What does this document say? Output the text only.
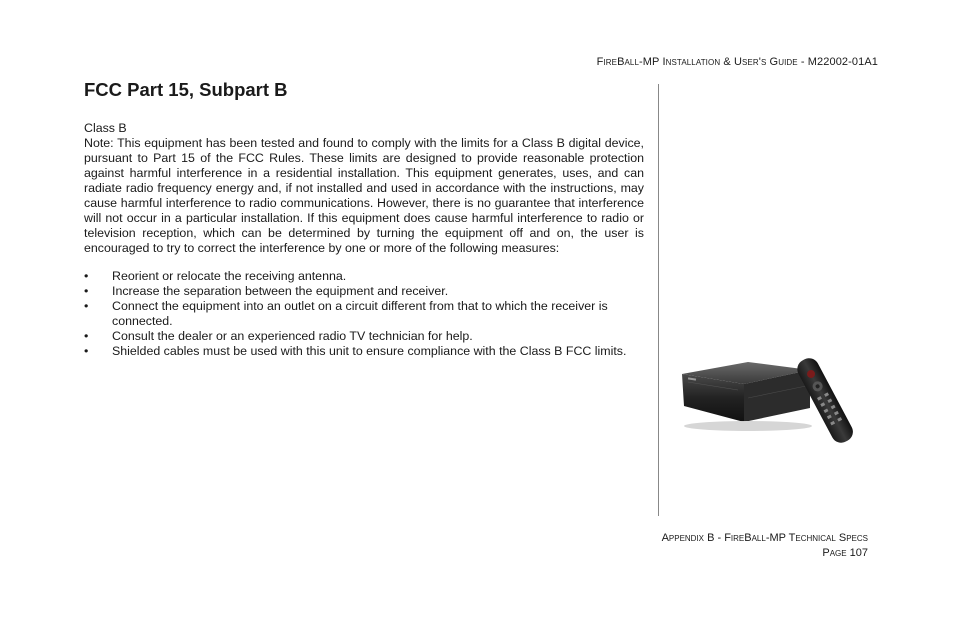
FireBall-MP Installation & User's Guide - M22002-01A1
FCC Part 15, Subpart B

Class B

Note: This equipment has been tested and found to comply with the limits for a Class B digital device, pursuant to Part 15 of the FCC Rules. These limits are designed to provide reasonable protection against harmful interference in a residential installation. This equipment generates, uses, and can radiate radio frequency energy and, if not installed and used in accordance with the instructions, may cause harmful interference to radio communications. However, there is no guarantee that interference will not occur in a particular installation. If this equipment does cause harmful interference to radio or television reception, which can be determined by turning the equipment off and on, the user is encouraged to try to correct the interference by one or more of the following measures:

• Reorient or relocate the receiving antenna.
• Increase the separation between the equipment and receiver.
• Connect the equipment into an outlet on a circuit different from that to which the receiver is connected.
• Consult the dealer or an experienced radio TV technician for help.
• Shielded cables must be used with this unit to ensure compliance with the Class B FCC limits.
Appendix B - FireBall-MP Technical Specs
Page 107
